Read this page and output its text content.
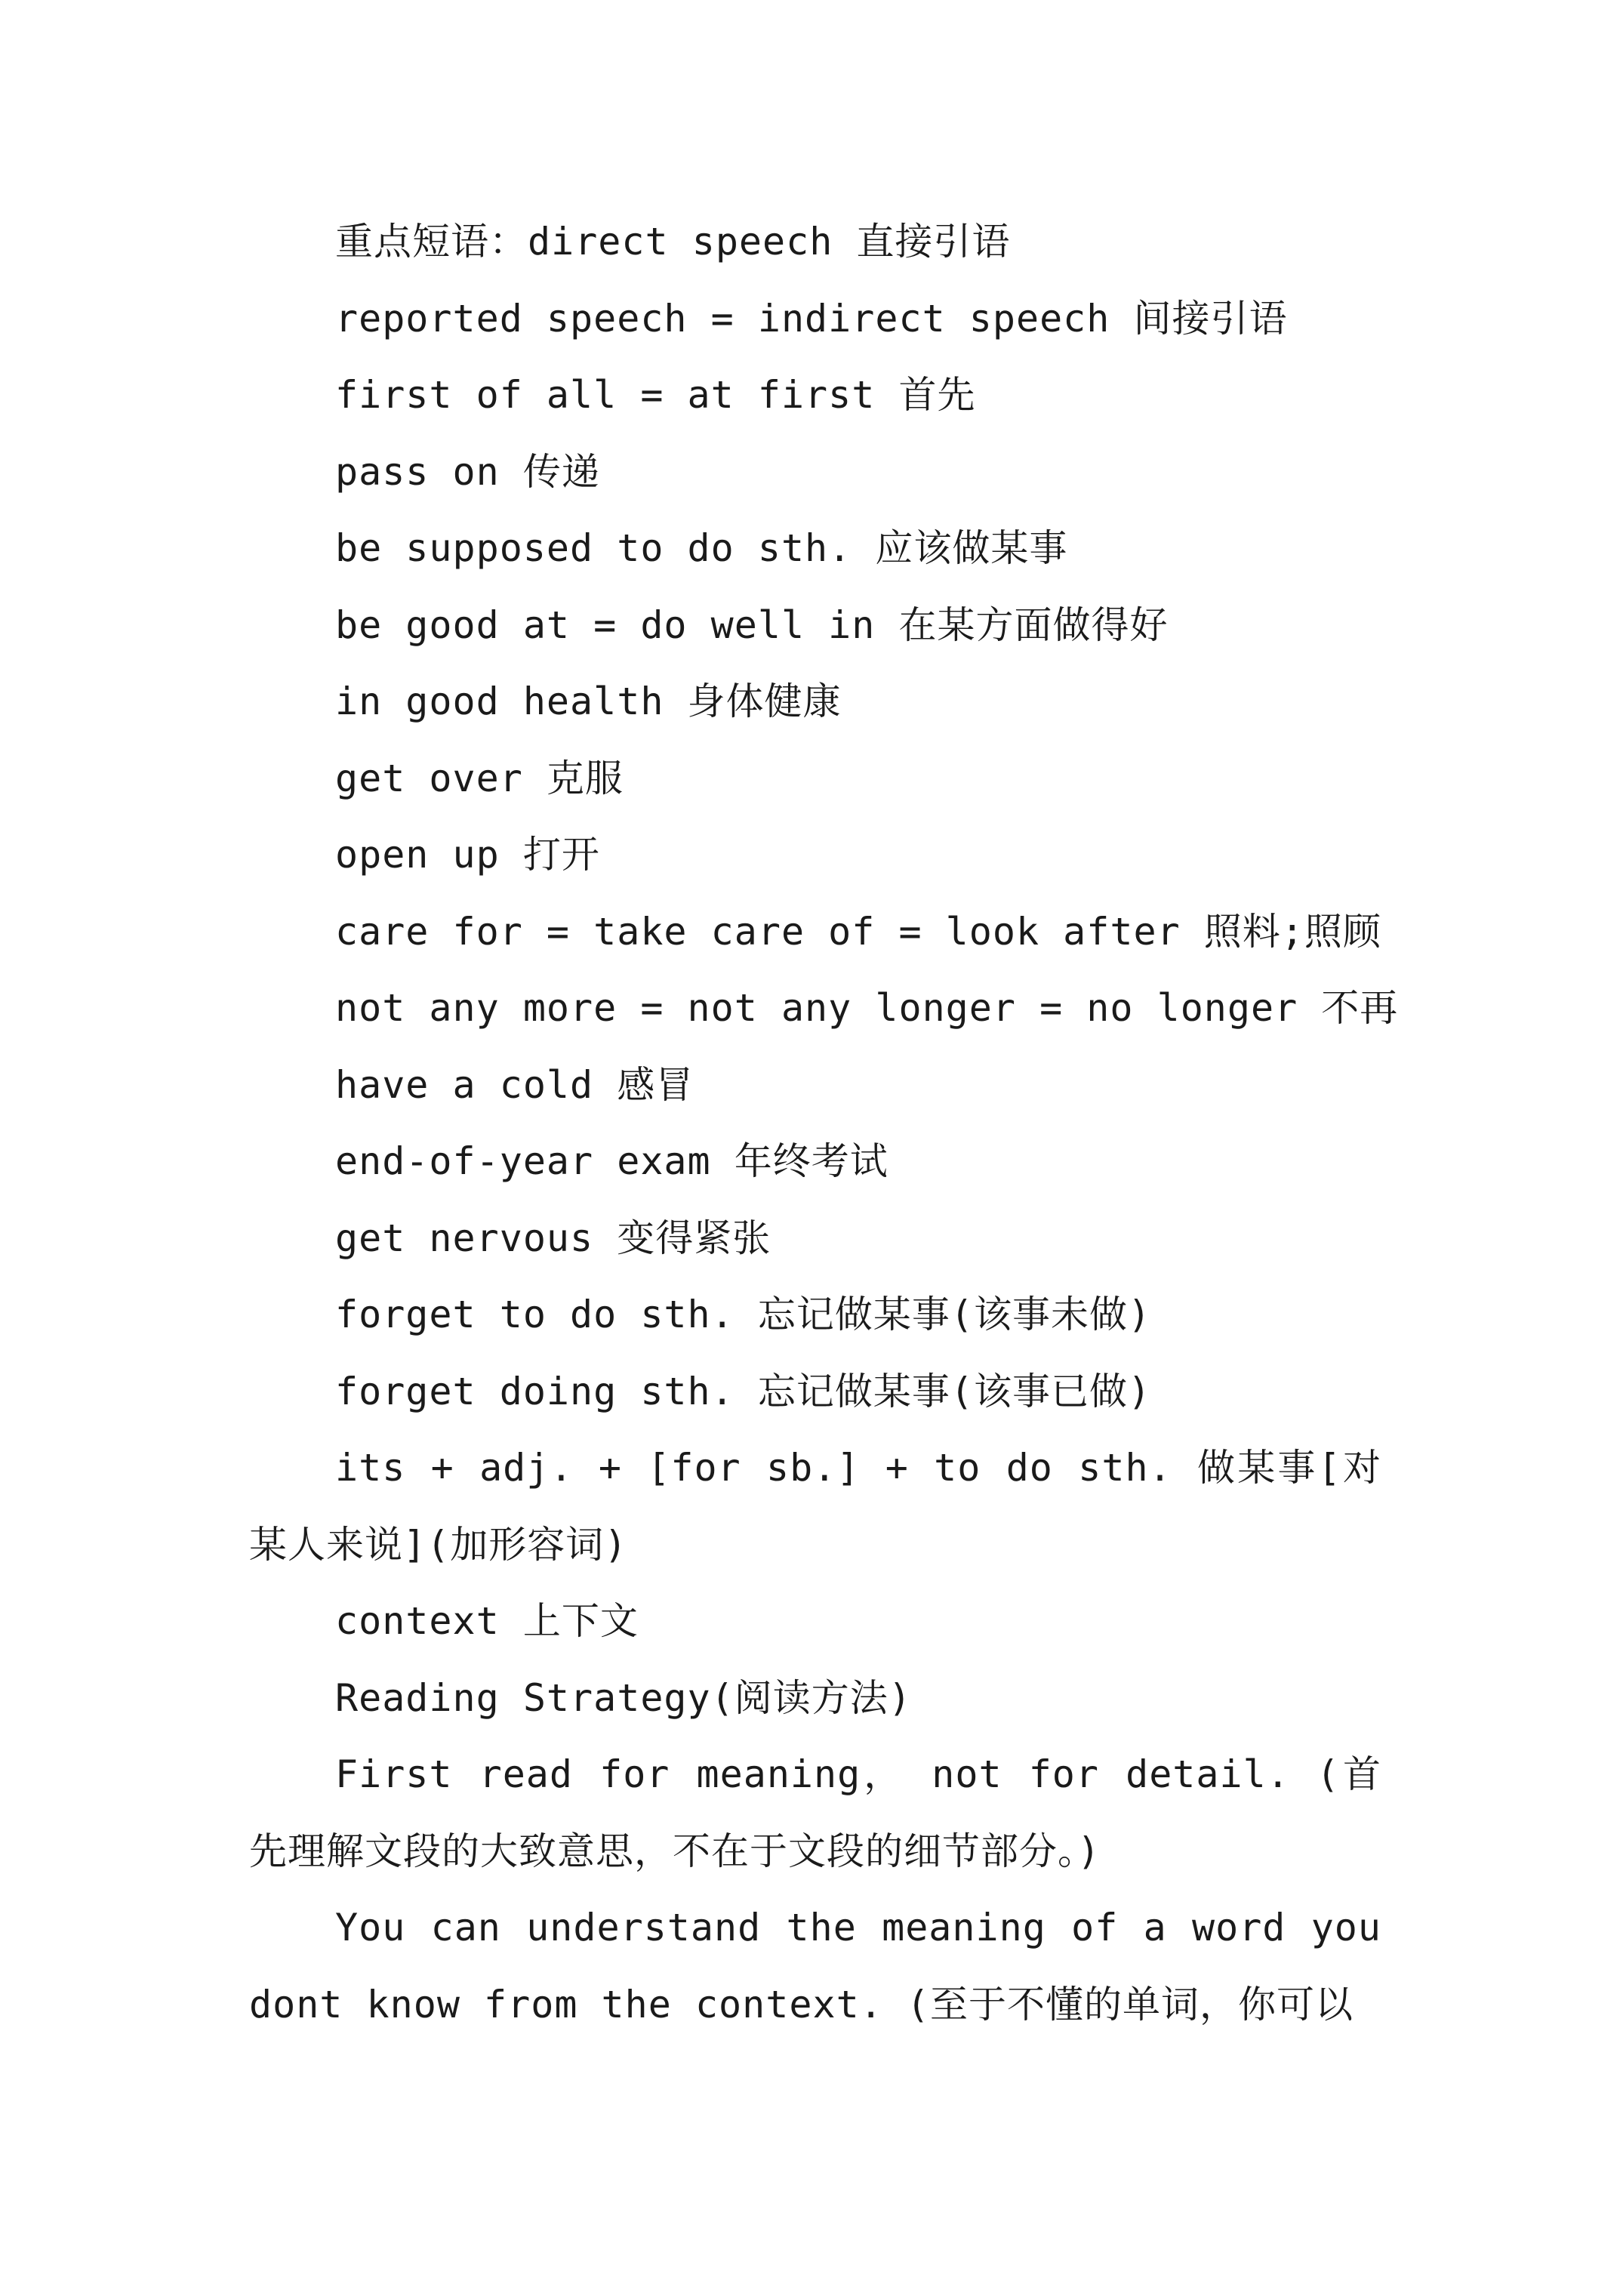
重点短语：direct speech 直接引语
reported speech = indirect speech 间接引语
first of all = at first 首先
pass on 传递
be supposed to do sth. 应该做某事
be good at = do well in 在某方面做得好
in good health 身体健康
get over 克服
open up 打开
care for = take care of = look after 照料;照顾
not any more = not any longer = no longer 不再
have a cold 感冒
end-of-year exam 年终考试
get nervous 变得紧张
forget to do sth. 忘记做某事(该事未做)
forget doing sth. 忘记做某事(该事已做)
its + adj. + [for sb.] + to do sth. 做某事[对某人来说](加形容词)
context 上下文
Reading Strategy(阅读方法)
First read for meaning， not for detail. (首先理解文段的大致意思，不在于文段的细节部分。)
You can understand the meaning of a word you dont know from the context. (至于不懂的单词，你可以
